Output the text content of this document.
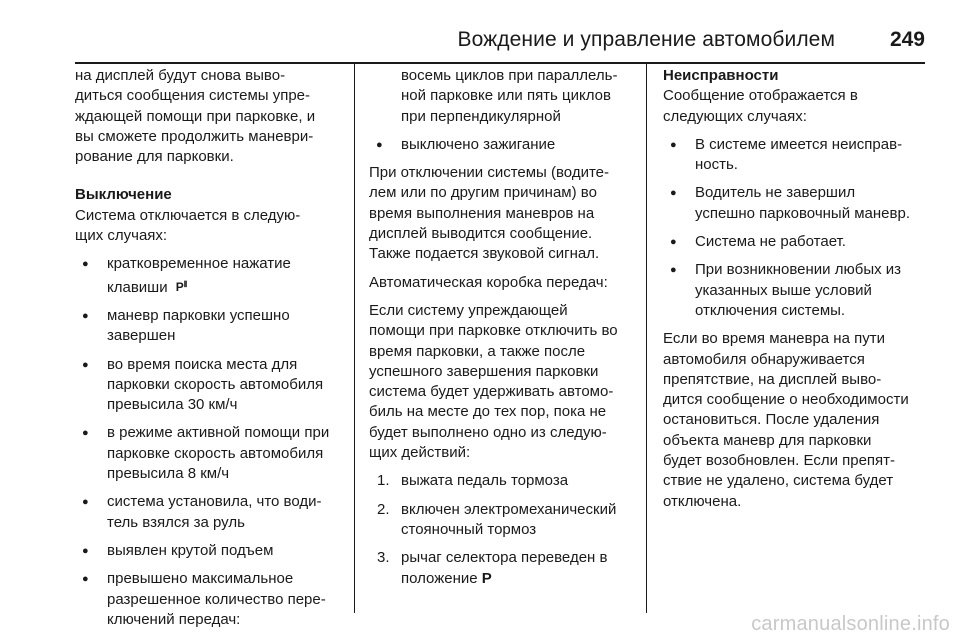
Вождение и управление автомобилем	249

на дисплей будут снова выво-
диться сообщения системы упре-
ждающей помощи при парковке, и
вы сможете продолжить маневри-
рование для парковки.

Выключение

Система отключается в следую-
щих случаях:

● кратковременное нажатие
клавиши P⦀
● маневр парковки успешно
завершен
● во время поиска места для
парковки скорость автомобиля
превысила 30 км/ч
● в режиме активной помощи при
парковке скорость автомобиля
превысила 8 км/ч
● система установила, что води-
тель взялся за руль
● выявлен крутой подъем
● превышено максимальное
разрешенное количество пере-
ключений передач:

восемь циклов при параллель-
ной парковке или пять циклов
при перпендикулярной

● выключено зажигание

При отключении системы (водите-
лем или по другим причинам) во
время выполнения маневров на
дисплей выводится сообщение.
Также подается звуковой сигнал.

Автоматическая коробка передач:

Если систему упреждающей
помощи при парковке отключить во
время парковки, а также после
успешного завершения парковки
система будет удерживать автомо-
биль на месте до тех пор, пока не
будет выполнено одно из следую-
щих действий:

1. выжата педаль тормоза
2. включен электромеханический
стояночный тормоз
3. рычаг селектора переведен в
положение P

Неисправности

Сообщение отображается в
следующих случаях:

● В системе имеется неисправ-
ность.
● Водитель не завершил
успешно парковочный маневр.
● Система не работает.
● При возникновении любых из
указанных выше условий
отключения системы.

Если во время маневра на пути
автомобиля обнаруживается
препятствие, на дисплей выво-
дится сообщение о необходимости
остановиться. После удаления
объекта маневр для парковки
будет возобновлен. Если препят-
ствие не удалено, система будет
отключена.

carmanualsonline.info
